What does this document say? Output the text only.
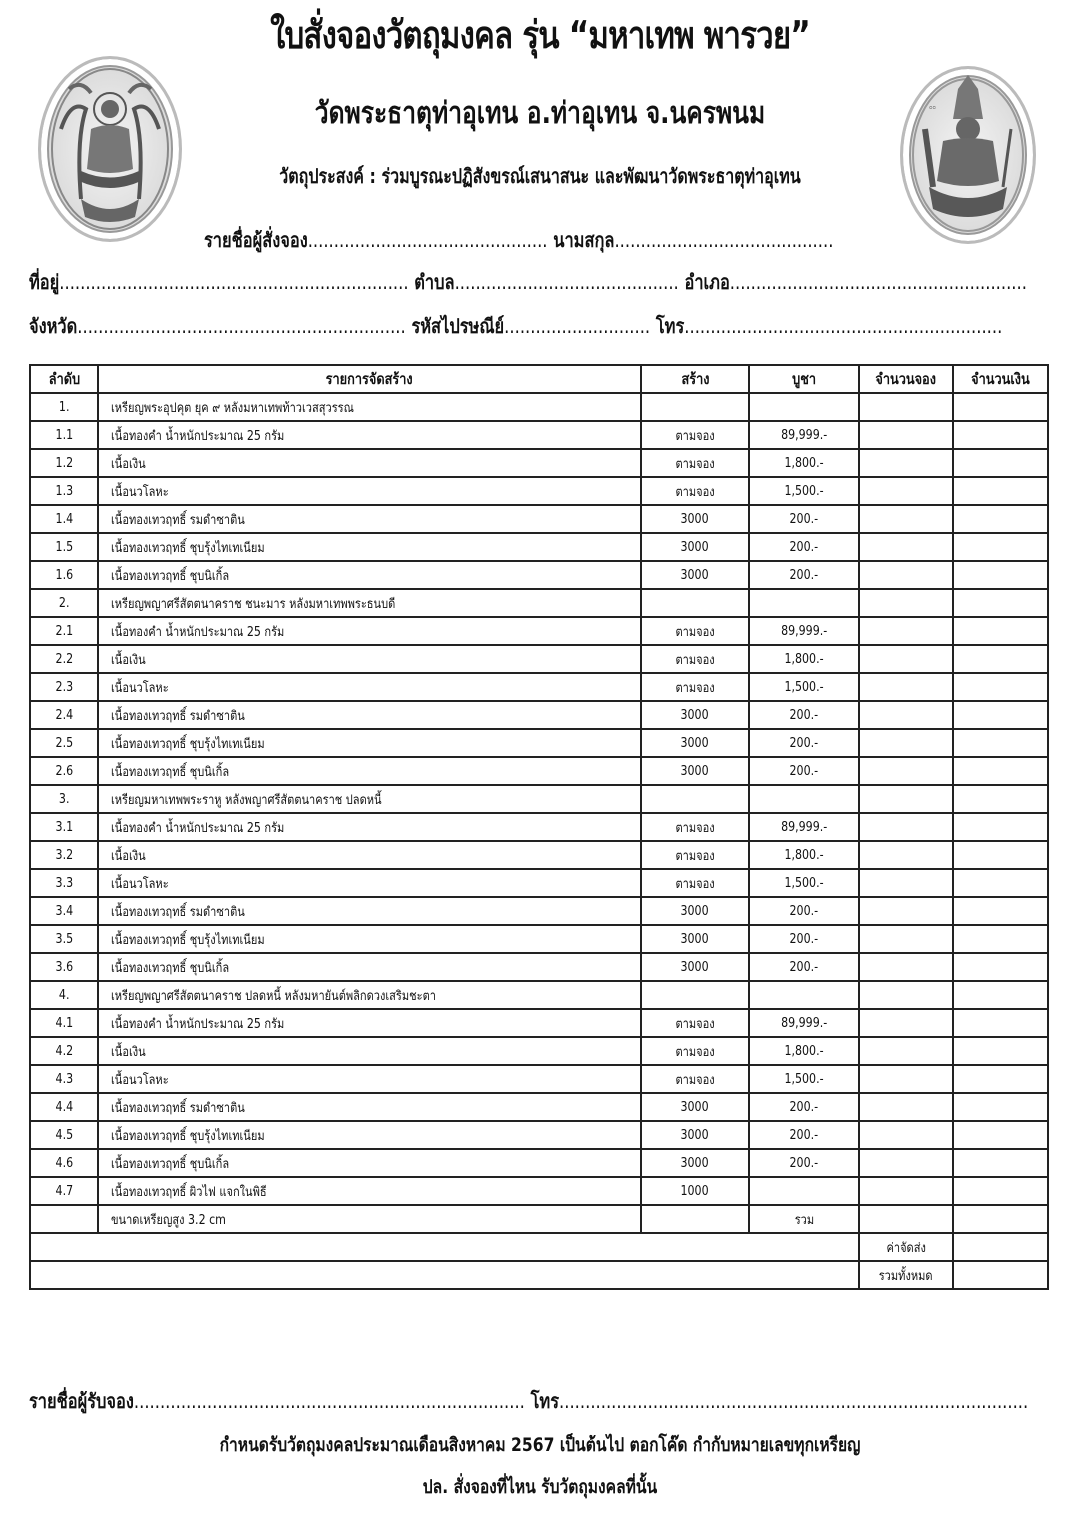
ใบสั่งจองวัตถุมงคล รุ่น “มหาเทพ พารวย”
วัดพระธาตุท่าอุเทน อ.ท่าอุเทน จ.นครพนม
วัตถุประสงค์ : ร่วมบูรณะปฏิสังขรณ์เสนาสนะ และพัฒนาวัดพระธาตุท่าอุเทน
ೲ
รายชื่อผู้สั่งจอง.............................................. นามสกุล..........................................
ที่อยู่................................................................... ตำบล........................................... อำเภอ.........................................................
จังหวัด............................................................... รหัสไปรษณีย์............................ โทร.............................................................
ลำดับ	รายการจัดสร้าง	สร้าง	บูชา	จำนวนจอง	จำนวนเงิน
1.	เหรียญพระอุปคุต ยุค ๙ หลังมหาเทพท้าวเวสสุวรรณ				
1.1	เนื้อทองคำ น้ำหนักประมาณ 25 กรัม	ตามจอง	89,999.-		
1.2	เนื้อเงิน	ตามจอง	1,800.-		
1.3	เนื้อนวโลหะ	ตามจอง	1,500.-		
1.4	เนื้อทองเทวฤทธิ์ รมดำซาติน	3000	200.-		
1.5	เนื้อทองเทวฤทธิ์ ชุบรุ้งไทเทเนียม	3000	200.-		
1.6	เนื้อทองเทวฤทธิ์ ชุบนิเกิ้ล	3000	200.-		
2.	เหรียญพญาศรีสัตตนาคราช ชนะมาร หลังมหาเทพพระธนบดี				
2.1	เนื้อทองคำ น้ำหนักประมาณ 25 กรัม	ตามจอง	89,999.-		
2.2	เนื้อเงิน	ตามจอง	1,800.-		
2.3	เนื้อนวโลหะ	ตามจอง	1,500.-		
2.4	เนื้อทองเทวฤทธิ์ รมดำซาติน	3000	200.-		
2.5	เนื้อทองเทวฤทธิ์ ชุบรุ้งไทเทเนียม	3000	200.-		
2.6	เนื้อทองเทวฤทธิ์ ชุบนิเกิ้ล	3000	200.-		
3.	เหรียญมหาเทพพระราหู หลังพญาศรีสัตตนาคราช ปลดหนี้				
3.1	เนื้อทองคำ น้ำหนักประมาณ 25 กรัม	ตามจอง	89,999.-		
3.2	เนื้อเงิน	ตามจอง	1,800.-		
3.3	เนื้อนวโลหะ	ตามจอง	1,500.-		
3.4	เนื้อทองเทวฤทธิ์ รมดำซาติน	3000	200.-		
3.5	เนื้อทองเทวฤทธิ์ ชุบรุ้งไทเทเนียม	3000	200.-		
3.6	เนื้อทองเทวฤทธิ์ ชุบนิเกิ้ล	3000	200.-		
4.	เหรียญพญาศรีสัตตนาคราช ปลดหนี้ หลังมหายันต์พลิกดวงเสริมชะตา				
4.1	เนื้อทองคำ น้ำหนักประมาณ 25 กรัม	ตามจอง	89,999.-		
4.2	เนื้อเงิน	ตามจอง	1,800.-		
4.3	เนื้อนวโลหะ	ตามจอง	1,500.-		
4.4	เนื้อทองเทวฤทธิ์ รมดำซาติน	3000	200.-		
4.5	เนื้อทองเทวฤทธิ์ ชุบรุ้งไทเทเนียม	3000	200.-		
4.6	เนื้อทองเทวฤทธิ์ ชุบนิเกิ้ล	3000	200.-		
4.7	เนื้อทองเทวฤทธิ์ ผิวไฟ แจกในพิธี	1000			
	ขนาดเหรียญสูง 3.2 cm		รวม		
				ค่าจัดส่ง	
				รวมทั้งหมด	
รายชื่อผู้รับจอง........................................................................... โทร..........................................................................................
กำหนดรับวัตถุมงคลประมาณเดือนสิงหาคม 2567 เป็นต้นไป ตอกโค๊ด กำกับหมายเลขทุกเหรียญ
ปล. สั่งจองที่ไหน รับวัตถุมงคลที่นั้น
